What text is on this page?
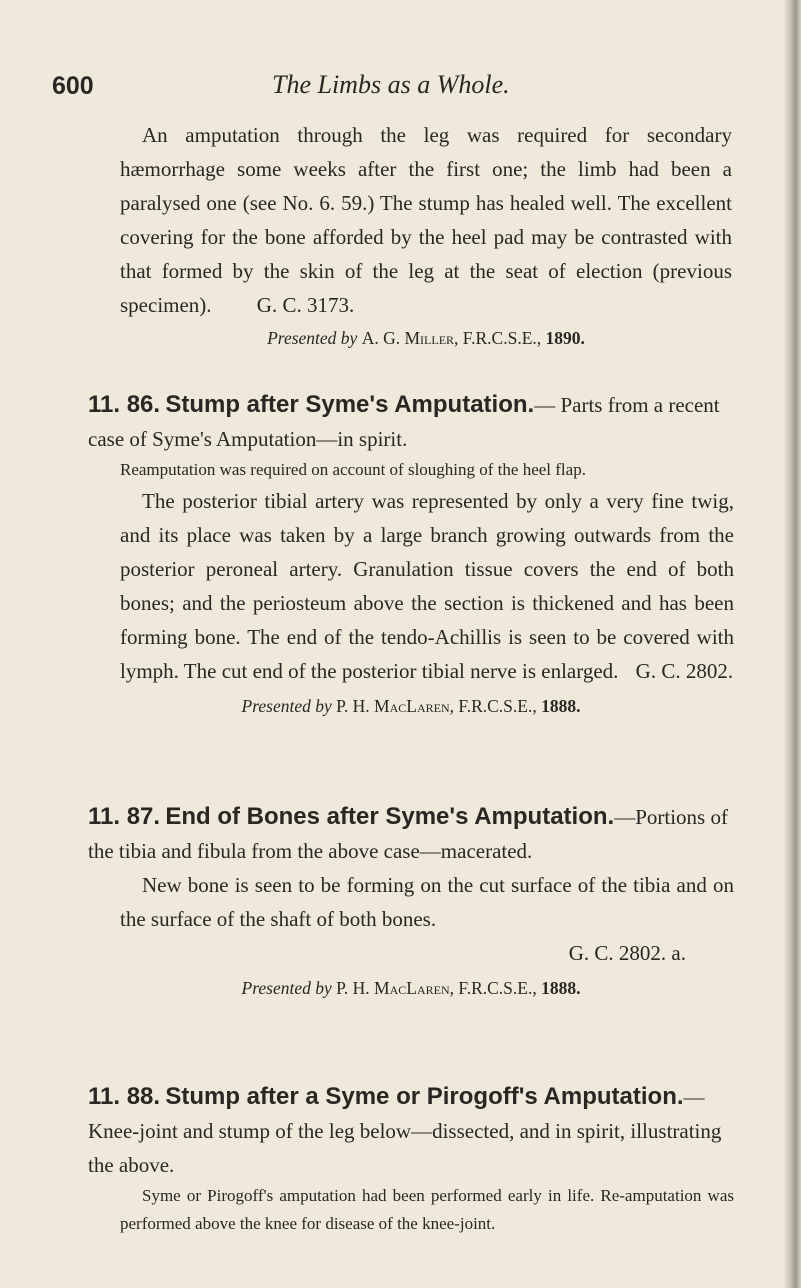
600	The Limbs as a Whole.

An amputation through the leg was required for secondary hæmorrhage some weeks after the first one; the limb had been a paralysed one (see No. 6. 59.) The stump has healed well. The excellent covering for the bone afforded by the heel pad may be contrasted with that formed by the skin of the leg at the seat of election (previous specimen). G. C. 3173.

Presented by A. G. Miller, F.R.C.S.E., 1890.

11. 86. Stump after Syme's Amputation.— Parts from a recent case of Syme's Amputation—in spirit.

Reamputation was required on account of sloughing of the heel flap.

The posterior tibial artery was represented by only a very fine twig, and its place was taken by a large branch growing outwards from the posterior peroneal artery. Granulation tissue covers the end of both bones; and the periosteum above the section is thickened and has been forming bone. The end of the tendo-Achillis is seen to be covered with lymph. The cut end of the posterior tibial nerve is enlarged. G. C. 2802.

Presented by P. H. MacLaren, F.R.C.S.E., 1888.

11. 87. End of Bones after Syme's Amputation.—Portions of the tibia and fibula from the above case—macerated.

New bone is seen to be forming on the cut surface of the tibia and on the surface of the shaft of both bones.

G. C. 2802. a.

Presented by P. H. MacLaren, F.R.C.S.E., 1888.

11. 88. Stump after a Syme or Pirogoff's Amputation.— Knee-joint and stump of the leg below—dissected, and in spirit, illustrating the above.

Syme or Pirogoff's amputation had been performed early in life. Re-amputation was performed above the knee for disease of the knee-joint.
